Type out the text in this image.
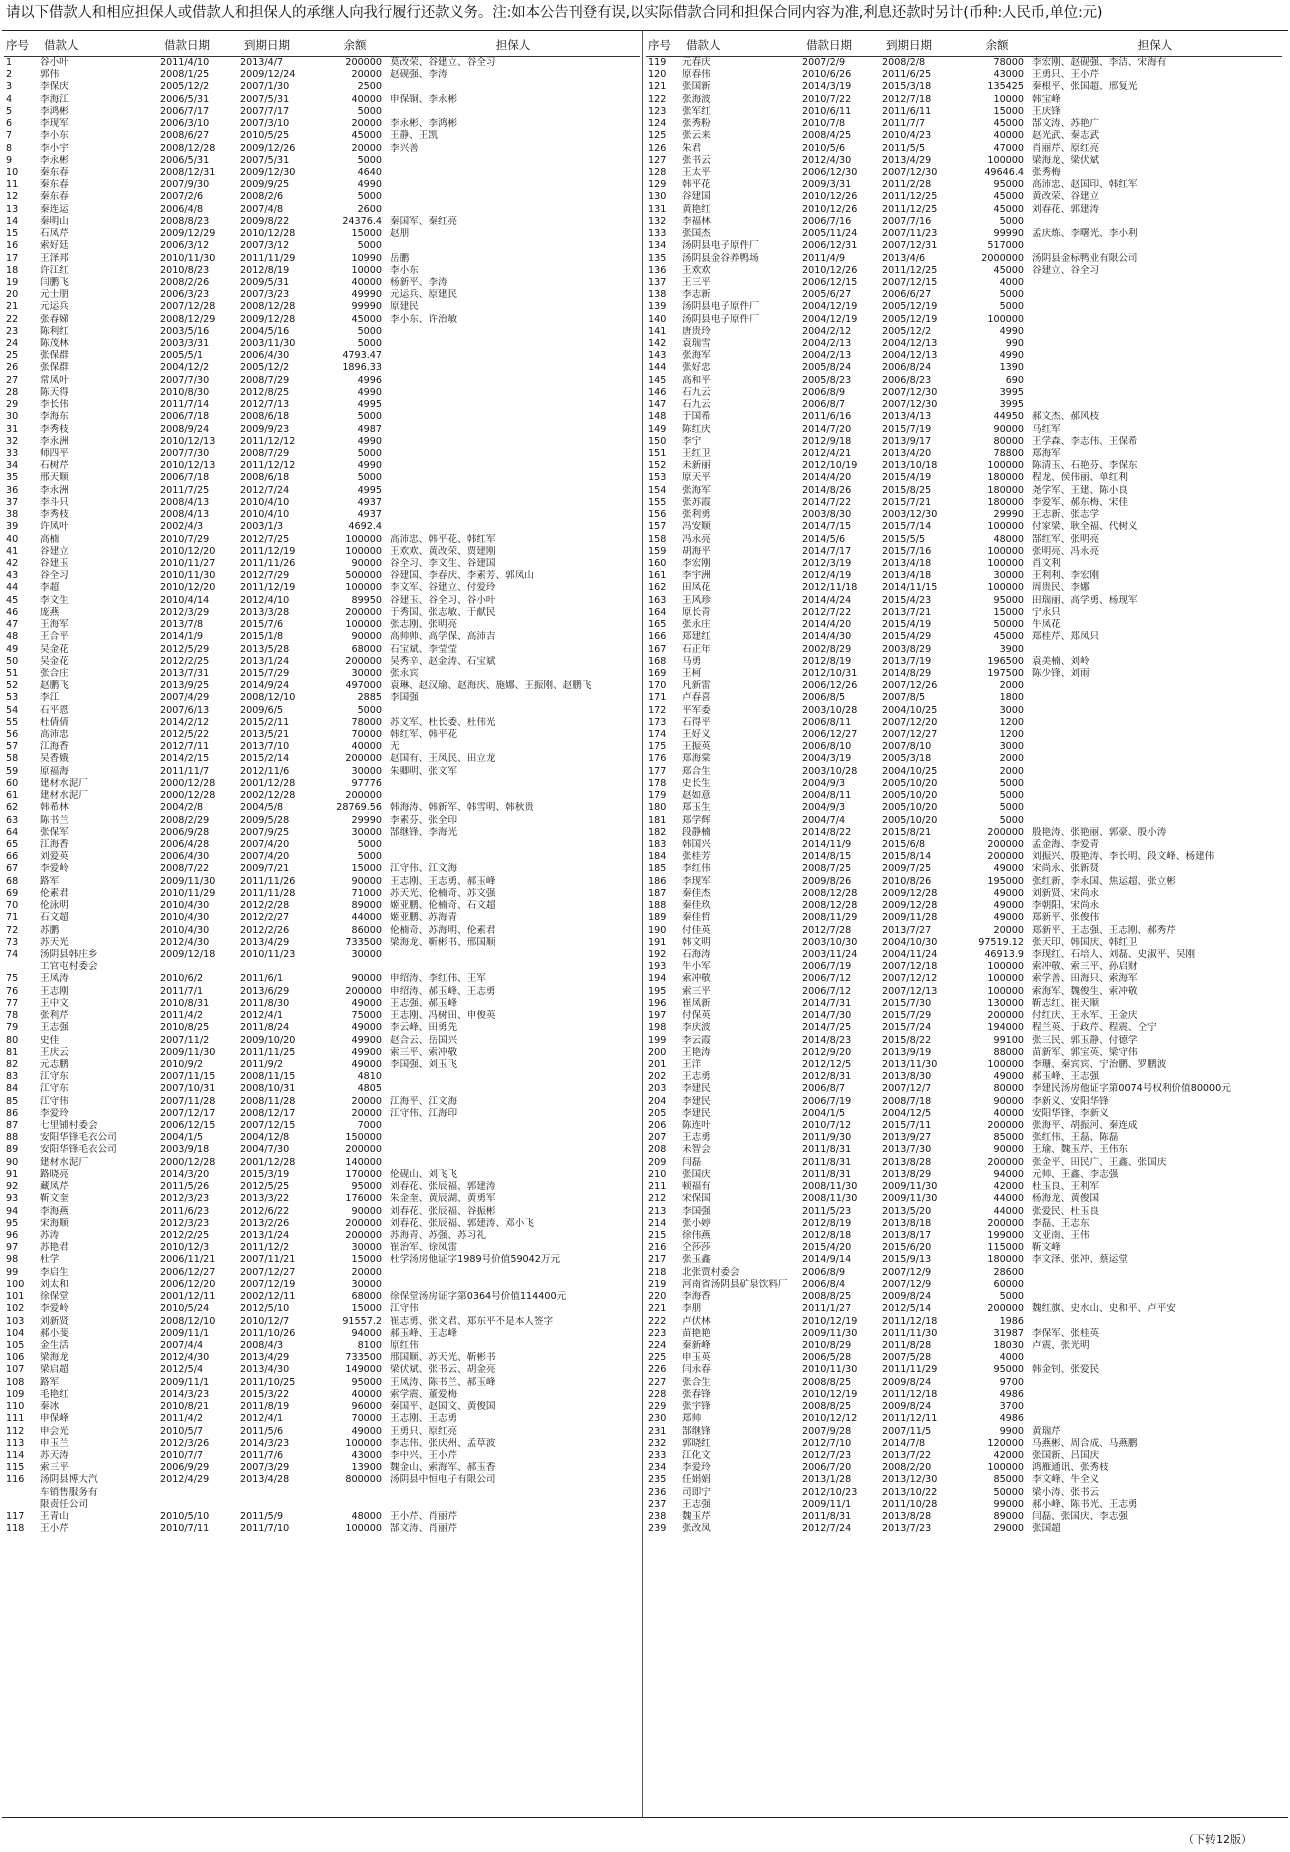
请以下借款人和相应担保人或借款人和担保人的承继人向我行履行还款义务。注:如本公告刊登有误,以实际借款合同和担保合同内容为准,利息还款时另计(币种:人民币,单位:元)
序号	借款人	借款日期	到期日期	余额	担保人
1	谷小叶	2011/4/10	2013/4/7	200000 莫改荣、谷建立、谷全习
2	郭伟	2008/1/25	2009/12/24	20000 赵砚强、李涛
3	李保庆	2005/12/2	2007/1/30	2500
4	李海江	2006/5/31	2007/5/31	40000 申保铜、李永彬
5	李鸿彬	2006/7/17	2007/7/17	5000
6	李现军	2006/3/10	2007/3/10	20000 李永彬、李鸿彬
7	李小东	2008/6/27	2010/5/25	45000 王静、王凯
8	李小宇	2008/12/28	2009/12/26	20000 李兴善
9	李永彬	2006/5/31	2007/5/31	5000
10	秦东春	2008/12/31	2009/12/30	4640
11	秦东春	2007/9/30	2009/9/25	4990
12	秦东春	2007/2/6	2008/2/6	5000
13	秦连运	2006/4/8	2007/4/8	2600
14	秦明山	2008/8/23	2009/8/22	24376.4 秦国军、秦红亮
15	石凤芹	2009/12/29	2010/12/28	15000 赵朋
16	索好廷	2006/3/12	2007/3/12	5000
17	王泽邦	2010/11/30	2011/11/29	10990 岳鹏
18	许江红	2010/8/23	2012/8/19	10000 李小东
19	闫鹏飞	2008/2/26	2009/5/31	40000 杨新平、李涛
20	元士朋	2006/3/23	2007/3/23	49990 元运兵、原建民
21	元运兵	2007/12/28	2008/12/28	99990 原建民
22	张春娣	2008/12/29	2009/12/28	45000 李小东、许治敏
23	陈利红	2003/5/16	2004/5/16	5000
24	陈茂林	2003/3/31	2003/11/30	5000
25	张保群	2005/5/1	2006/4/30	4793.47
26	张保群	2004/12/2	2005/12/2	1896.33
27	常凤叶	2007/7/30	2008/7/29	4996
28	陈天得	2010/8/30	2012/8/25	4990
29	李长伟	2011/7/14	2012/7/13	4995
30	李海东	2006/7/18	2008/6/18	5000
31	李秀枝	2008/9/24	2009/9/23	4987
32	李永洲	2010/12/13	2011/12/12	4990
33	师四平	2007/7/30	2008/7/29	5000
34	石树芹	2010/12/13	2011/12/12	4990
35	邢天顺	2006/7/18	2008/6/18	5000
36	李永洲	2011/7/25	2012/7/24	4995
37	李斗只	2008/4/13	2010/4/10	4937
38	李秀枝	2008/4/13	2010/4/10	4937
39	许凤叶	2002/4/3	2003/1/3	4692.4
40	高楠	2010/7/29	2012/7/25	100000 高沛忠、韩平花、韩红军
41	谷建立	2010/12/20	2011/12/19	100000 王欢欢、黄改荣、贾建刚
42	谷建玉	2010/11/27	2011/11/26	90000 谷全习、李文生、谷建国
43	谷全习	2010/11/30	2012/7/29	500000 谷建国、李春庆、李素芳、郭凤山
44	李超	2010/12/20	2011/12/19	100000 李文军、谷建立、付爱玲
45	李文生	2010/4/14	2012/4/10	89950 谷建玉、谷全习、谷小叶
46	庞燕	2012/3/29	2013/3/28	200000 于秀国、张志敏、于献民
47	王海军	2013/7/8	2015/7/6	100000 张志刚、张明亮
48	王合平	2014/1/9	2015/1/8	90000 高帅帅、高学保、高沛吉
49	吴金花	2012/5/29	2013/5/28	68000 石宝斌、李莹莹
50	吴金花	2012/2/25	2013/1/24	200000 吴秀辛、赵金涛、石宝斌
51	张合庄	2013/7/31	2015/7/29	30000 张永宾
52	赵鹏飞	2013/9/25	2014/9/24	497000 袁琳、赵汉瑜、赵海庆、施娜、王振刚、赵鹏飞
53	李江	2007/4/29	2008/12/10	2885 李国强
54	石平恩	2007/6/13	2009/6/5	5000
55	杜倩倩	2014/2/12	2015/2/11	78000 苏文军、杜长委、杜伟光
56	高沛忠	2012/5/22	2013/5/21	70000 韩红军、韩平花
57	江海香	2012/7/11	2013/7/10	40000 无
58	吴香娥	2014/2/15	2015/2/14	200000 赵国有、王凤民、田立龙
59	原福海	2011/11/7	2012/11/6	30000 朱卿明、张文军
60	建材水泥厂	2000/12/28	2001/12/28	97776
61	建材水泥厂	2000/12/28	2002/12/28	200000
62	韩希林	2004/2/8	2004/5/8	28769.56 韩海涛、韩新军、韩雪明、韩秋贵
63	陈书兰	2008/2/29	2009/5/28	29990 李素芬、张全印
64	张保军	2006/9/28	2007/9/25	30000 郜继锋、李海光
65	江海香	2006/4/28	2007/4/20	5000
66	刘爱英	2006/4/30	2007/4/20	5000
67	李爱岭	2008/7/22	2009/7/21	15000 江守伟、江文海
68	路军	2009/11/30	2011/11/26	90000 王志刚、王志勇、郝玉峰
69	伦素君	2010/11/29	2011/11/28	71000 苏天光、伦楠奇、苏文强
70	伦泳明	2010/4/30	2012/2/28	89000 姬亚鹏、伦楠奇、石文超
71	石文超	2010/4/30	2012/2/27	44000 姬亚鹏、苏海青
72	苏鹏	2010/4/30	2012/2/26	86000 伦楠奇、苏海明、伦素君
73	苏天光	2012/4/30	2013/4/29	733500 梁海龙、靳彬书、邢国顺
74	汤阴县韩庄乡	2009/12/18	2010/11/23	30000
工官屯村委会
75	王凤涛	2010/6/2	2011/6/1	90000 申绍涛、李红伟、王军
76	王志刚	2011/7/1	2013/6/29	200000 申绍涛、郝玉峰、王志勇
77	王中文	2010/8/31	2011/8/30	49000 王志强、郝玉峰
78	张利芹	2011/4/2	2012/4/1	75000 王志刚、冯树田、申俊英
79	王志强	2010/8/25	2011/8/24	49000 李云峰、田勇先
80	史佳	2007/11/2	2009/10/20	49900 赵合云、岳国兴
81	王庆云	2009/11/30	2011/11/25	49900 索三平、索冲敬
82	元志鹏	2010/9/2	2011/9/2	49000 李国强、刘玉飞
83	江守东	2007/11/15	2008/11/15	4810
84	江守东	2007/10/31	2008/10/31	4805
85	江守伟	2007/11/28	2008/11/28	20000 江海平、江文海
86	李爱玲	2007/12/17	2008/12/17	20000 江守伟、江海印
87	七里铺村委会	2006/12/15	2007/12/15	7000
88	安阳华锋毛衣公司	2004/1/5	2004/12/8	150000
89	安阳华锋毛衣公司	2003/9/18	2004/7/30	200000
90	建材水泥厂	2000/12/28	2001/12/28	140000
91	路晓亮	2014/3/20	2015/3/19	170000 伦砚山、刘飞飞
92	藏凤芹	2011/5/26	2012/5/25	95000 刘春花、张辰福、郭建涛
93	靳文奎	2012/3/23	2013/3/22	176000 朱金奎、黄辰湖、黄勇军
94	李海燕	2011/6/23	2012/6/22	90000 刘春花、张辰福、谷振彬
95	宋海顺	2012/3/23	2013/2/26	200000 刘春花、张辰福、郭建涛、邓小飞
96	苏涛	2012/2/25	2013/1/24	200000 苏海青、苏强、苏习礼
97	苏艳君	2010/12/3	2011/12/2	30000 崔治军、徐凤雷
98	杜学	2006/11/21	2007/11/21	15000 杜学汤房他证字1989号价值59042万元
99	李启生	2006/12/27	2007/12/27	20000
100	刘太和	2006/12/20	2007/12/19	30000
101	徐保堂	2001/12/11	2002/12/11	68000 徐保堂汤房证字第0364号价值114400元
102	李爱岭	2010/5/24	2012/5/10	15000 江守伟
103	刘新贤	2008/12/10	2010/12/7	91557.2 崔志勇、张文君、郑东平不是本人签字
104	郝小斐	2009/11/1	2011/10/26	94000 郝玉峰、王志峰
105	金生活	2007/4/4	2008/4/3	8100 原红伟
106	梁海龙	2012/4/30	2013/4/29	733500 邢国顺、苏天光、靳彬书
107	梁启超	2012/5/4	2013/4/30	149000 梁伏斌、张书云、胡金亮
108	路军	2009/11/1	2011/10/25	95000 王凤涛、陈书兰、郝玉峰
109	毛艳红	2014/3/23	2015/3/22	40000 索学震、董爱梅
110	秦冰	2010/8/21	2011/8/19	96000 秦国平、赵国文、黄俊国
111	申保峰	2011/4/2	2012/4/1	70000 王志刚、王志勇
112	申会光	2010/5/7	2011/5/6	49000 王勇只、原红亮
113	申玉兰	2012/3/26	2014/3/23	100000 李志伟、张庆州、孟草波
114	苏天涛	2010/7/7	2011/7/6	43000 李中兴、王小芹
115	索三平	2006/9/29	2007/3/29	13900 魏金山、索海军、郝玉香
116	汤阴县博大汽	2012/4/29	2013/4/28	800000 汤阴县中恒电子有限公司
车销售服务有
限责任公司
117	王青山	2010/5/10	2011/5/9	48000 王小芹、肖丽芹
118	王小芹	2010/7/11	2011/7/10	100000 郜文涛、肖丽芹
序号	借款人	借款日期	到期日期	余额	担保人
119	元春庆	2007/2/9	2008/2/8	78000 李宏刚、赵砚强、李洁、宋海有
120	原春伟	2010/6/26	2011/6/25	43000 王勇只、王小芹
121	张国新	2014/3/19	2015/3/18	135425 秦根平、张国超、邢复光
122	张海波	2010/7/22	2012/7/18	10000 韩宝峰
123	张军红	2010/6/11	2011/6/11	15000 王庆锋
124	张秀粉	2010/7/8	2011/7/7	45000 郜文涛、苏艳广
125	张云来	2008/4/25	2010/4/23	40000 赵光武、秦志武
126	朱君	2010/5/6	2011/5/5	47000 肖丽芹、原红亮
127	张书云	2012/4/30	2013/4/29	100000 梁海龙、梁伏斌
128	王太平	2006/12/30	2007/12/30	49646.4 张秀梅
129	韩平花	2009/3/31	2011/2/28	95000 高沛忠、赵国印、韩红军
130	谷建国	2010/12/26	2011/12/25	45000 黄改荣、谷建立
131	黄艳红	2010/12/26	2011/12/25	45000 刘春花、郭建涛
132	李福林	2006/7/16	2007/7/16	5000
133	张国杰	2005/11/24	2007/11/23	99990 孟庆炼、李曙光、李小利
134	汤阴县电子原件厂	2006/12/31	2007/12/31	517000
135	汤阴县金谷养鸭场	2011/4/9	2013/4/6	2000000 汤阴县金标鸭业有限公司
136	王欢欢	2010/12/26	2011/12/25	45000 谷建立、谷全习
137	王三平	2006/12/15	2007/12/15	4000
138	李志新	2005/6/27	2006/6/27	5000
139	汤阴县电子原件厂	2004/12/19	2005/12/19	5000
140	汤阴县电子原件厂	2004/12/19	2005/12/19	100000
141	唐贵玲	2004/2/12	2005/12/2	4990
142	袁瑞雪	2004/2/13	2004/12/13	990
143	张海军	2004/2/13	2004/12/13	4990
144	张好忠	2005/8/24	2006/8/24	1390
145	高和平	2005/8/23	2006/8/23	690
146	石九云	2006/8/9	2007/12/30	3995
147	石九云	2006/8/7	2007/12/30	3995
148	于国希	2011/6/16	2013/4/13	44950 郝文杰、郝风枝
149	陈红庆	2014/7/20	2015/7/19	90000 马红军
150	李宁	2012/9/18	2013/9/17	80000 王学森、李志伟、王保希
151	王红卫	2012/4/21	2013/4/20	78800 郑海军
152	未新丽	2012/10/19	2013/10/18	100000 陈清玉、石艳芬、李保东
153	原天平	2014/4/20	2015/4/19	180000 程龙、侯伟丽、单红利
154	张海军	2014/8/26	2015/8/25	180000 尧学军、王建、陈小良
155	张苏霞	2014/7/22	2015/7/21	180000 李爱军、郝东梅、宋佳
156	张利勇	2003/8/30	2003/12/30	29990 王志新、张志学
157	冯安顺	2014/7/15	2015/7/14	100000 付家梁、耿全福、代树义
158	冯永亮	2014/5/6	2015/5/5	48000 郜红军、张明亮
159	胡海平	2014/7/17	2015/7/16	100000 张明亮、冯永亮
160	李宏刚	2012/3/19	2013/4/18	100000 肖文利
161	李宇洲	2012/4/19	2013/4/18	30000 王利利、李宏刚
162	田凤花	2012/11/18	2014/11/15	100000 周贵民、李娜
163	王风珍	2014/4/24	2015/4/23	95000 田瑞丽、高学勇、杨现军
164	原长青	2012/7/22	2013/7/21	15000 宁永只
165	张永庄	2014/4/20	2015/4/19	50000 牛凤花
166	郑建红	2014/4/30	2015/4/29	45000 郑桂芹、郑凤只
167	石正年	2002/8/29	2003/8/29	3900
168	马勇	2012/8/19	2013/7/19	196500 袁美楠、刘岭
169	王柯	2012/10/31	2014/8/29	197500 陈少锋、刘雨
170	凡新雷	2006/12/26	2007/12/26	2000
171	卢春喜	2006/8/5	2007/8/5	1800
172	平军委	2003/10/28	2004/10/25	3000
173	石得平	2006/8/11	2007/12/20	1200
174	王好义	2006/12/27	2007/12/27	1200
175	王振英	2006/8/10	2007/8/10	3000
176	郑海棠	2004/3/19	2005/3/18	2000
177	郑合生	2003/10/28	2004/10/25	2000
178	史长生	2004/9/3	2005/10/20	5000
179	赵如意	2004/8/11	2005/10/20	5000
180	郑玉生	2004/9/3	2005/10/20	5000
181	郑学辉	2004/7/4	2005/10/20	5000
182	段静楠	2014/8/22	2015/8/21	200000 殷艳涛、张艳丽、郭豪、殷小涛
183	韩国兴	2014/11/9	2015/6/8	200000 孟金海、李爱青
184	张桂芳	2014/8/15	2015/8/14	200000 刘振兴、殷艳涛、李长明、段文峰、杨建伟
185	李红伟	2008/7/25	2009/7/25	49000 宋尚永、张新贤
186	李现军	2009/8/26	2010/8/26	195000 张红新、李永国、焦运超、张立彬
187	秦佳杰	2008/12/28	2009/12/28	49000 刘新贤、宋尚永
188	秦佳玖	2008/12/28	2009/12/28	49000 李朝阳、宋尚永
189	秦佳哲	2008/11/29	2009/11/28	49000 郑新平、张俊伟
190	付佳英	2012/7/28	2013/7/27	20000 郑新平、王志强、王志刚、郝秀芹
191	韩文明	2003/10/30	2004/10/30	97519.12 张天印、韩国庆、韩红卫
192	石海涛	2003/11/24	2004/11/24	46913.9 李现红、石培人、刘磊、史淑平、吴刚
193	牛小军	2006/7/19	2007/12/18	100000 索冲敬、索三平、孙启财
194	索冲敬	2006/7/12	2007/12/12	100000 索学善、田海只、索海军
195	索三平	2006/7/12	2007/12/13	100000 索海军、魏俊生、索冲敬
196	崔凤新	2014/7/31	2015/7/30	130000 靳志红、崔天顺
197	付保英	2014/7/30	2015/7/29	200000 付红庆、王永军、王金庆
198	李庆波	2014/7/25	2015/7/24	194000 程兰英、于政芹、程震、仝宁
199	李云霞	2014/8/23	2015/8/22	99100 张三民、郭玉静、付德学
200	王艳涛	2012/9/20	2013/9/19	88000 苗新军、郭宝英、梁守伟
201	王洋	2012/12/5	2013/11/30	100000 李珊、秦宾宾、宁治鹏、罗鹏波
202	王志勇	2012/8/31	2013/8/30	49000 郝玉峰、王志强
203	李建民	2006/8/7	2007/12/7	80000 李建民汤房他证字第0074号权利价值80000元
204	李建民	2006/7/19	2008/7/18	90000 李新义、安阳华锋
205	李建民	2004/1/5	2004/12/5	40000 安阳华锋、李新义
206	陈连叶	2010/7/12	2015/7/11	200000 张海平、胡振河、秦连成
207	王志勇	2011/9/30	2013/9/27	85000 张红伟、王磊、陈磊
208	未智会	2011/8/31	2013/7/30	90000 王瑜、魏玉芹、王伟东
209	闫磊	2011/8/31	2013/8/28	200000 张金平、田民广、王鑫、张国庆
210	张国庆	2011/8/31	2013/8/29	94000 元帅、王鑫、李志强
211	顿福有	2008/11/30	2009/11/30	42000 杜玉良、王利军
212	宋保国	2008/11/30	2009/11/30	44000 杨海龙、黄俊国
213	李国强	2011/5/23	2013/5/20	44000 张爱民、杜玉良
214	张小婷	2012/8/19	2013/8/18	200000 李磊、王志东
215	徐伟燕	2012/8/18	2013/8/17	199000 文亚南、王伟
216	仝莎莎	2015/4/20	2015/6/20	115000 靳文峰
217	张玉鑫	2014/9/14	2015/9/13	180000 李文泽、张冲、蔡运堂
218	北张贾村委会	2006/8/9	2007/12/9	28600
219	河南省汤阴县矿泉饮料厂	2006/8/4	2007/12/9	60000
220	李海香	2008/8/25	2009/8/24	5000
221	李朋	2011/1/27	2012/5/14	200000 魏红旗、史水山、史和平、卢平安
222	卢伏林	2010/12/19	2011/12/18	1986
223	苗艳艳	2009/11/30	2011/11/30	31987 李保军、张桂英
224	秦新峰	2010/8/29	2011/8/28	18030 卢震、张光明
225	申玉英	2006/5/28	2007/5/28	4000
226	闫永春	2010/11/30	2011/11/29	95000 韩金钊、张爱民
227	张合生	2008/8/25	2009/8/24	9700
228	张春锋	2010/12/19	2011/12/18	4986
229	张宇锋	2008/8/25	2009/8/24	3700
230	郑帅	2010/12/12	2011/12/11	4986
231	郜继锋	2007/9/28	2007/11/5	9900 黄瑞芹
232	郭晓红	2012/7/10	2014/7/8	120000 马燕彬、周合成、马燕鹏
233	江化文	2012/7/23	2013/7/22	42000 张国新、吕国庆
234	李爱玲	2006/7/20	2008/2/20	100000 鸿雁通讯、张秀枝
235	任娟娟	2013/1/28	2013/12/30	85000 李文峰、牛全义
236	司即宁	2012/10/23	2013/10/22	50000 梁小涛、张书云
237	王志强	2009/11/1	2011/10/28	99000 郝小峰、陈书光、王志勇
238	魏玉芹	2011/8/31	2013/8/28	89000 闫磊、张国庆、李志强
239	张改凤	2012/7/24	2013/7/23	29000 张国超
（下转12版）
